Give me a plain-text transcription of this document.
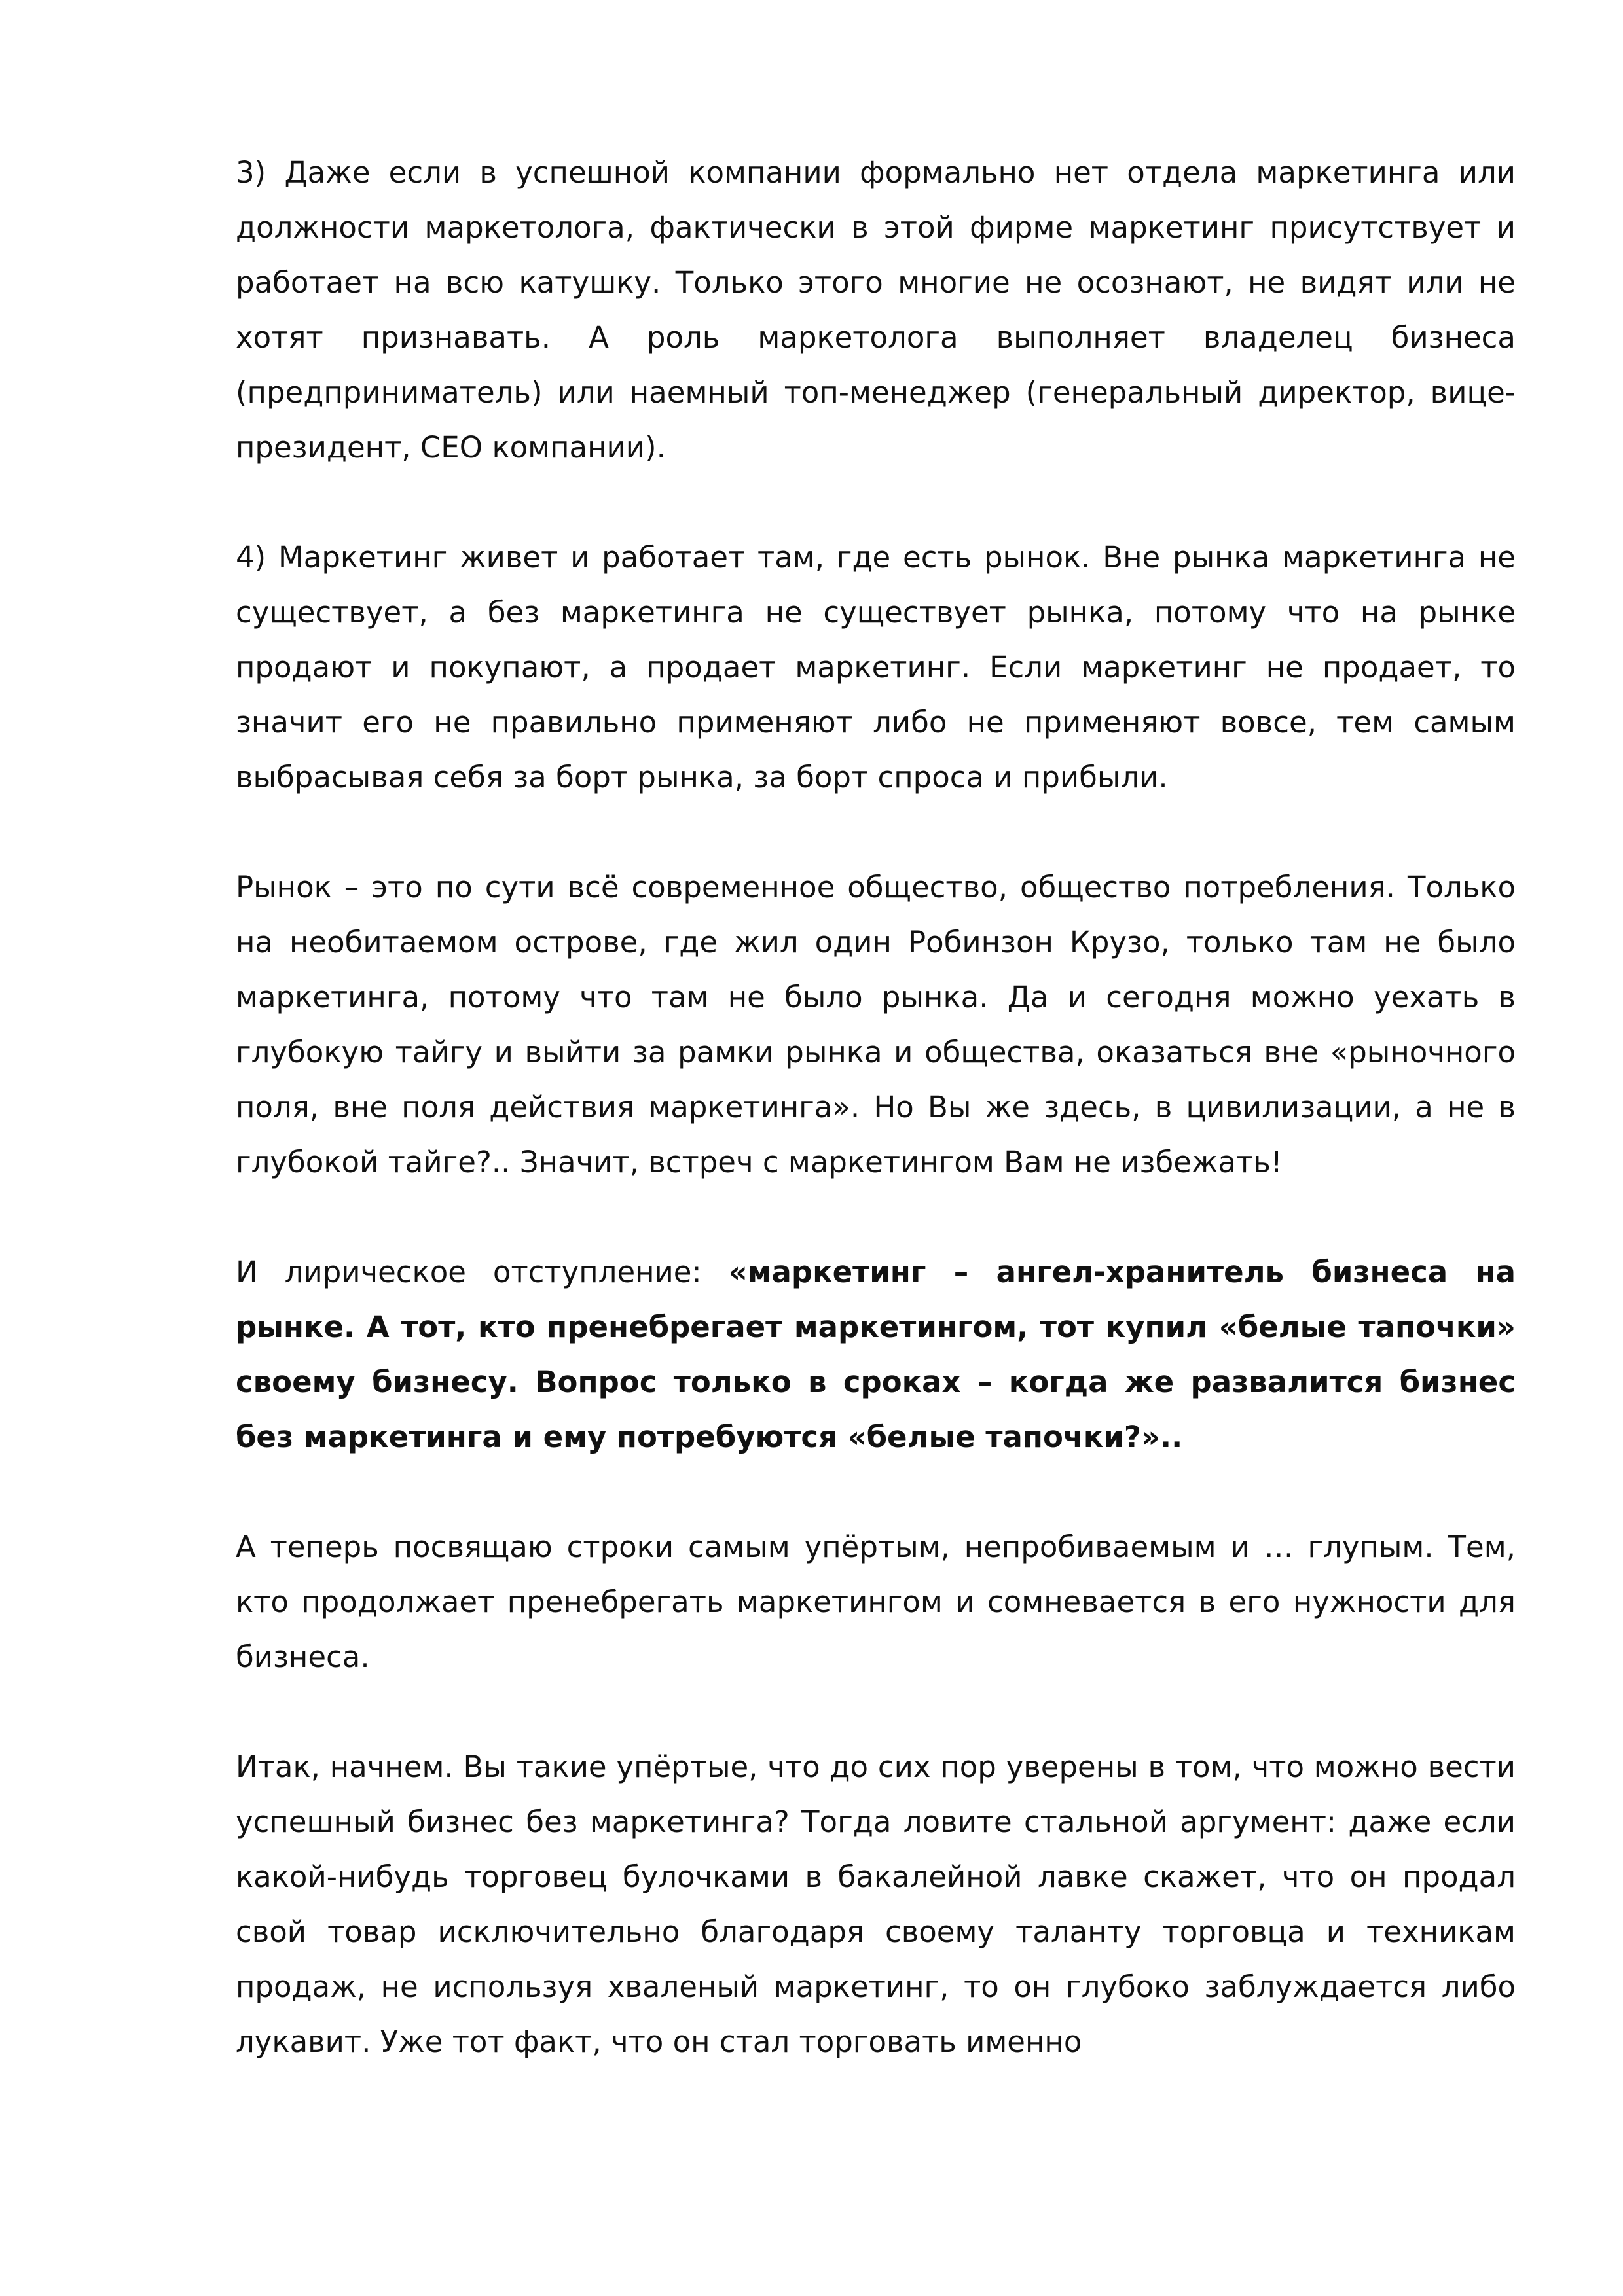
3) Даже если в успешной компании формально нет отдела маркетинга или должности маркетолога, фактически в этой фирме маркетинг присутствует и работает на всю катушку. Только этого многие не осознают, не видят или не хотят признавать. А роль маркетолога выполняет владелец бизнеса (предприниматель) или наемный топ-менеджер (генеральный директор, вице-президент, CEO компании).

4) Маркетинг живет и работает там, где есть рынок. Вне рынка маркетинга не существует, а без маркетинга не существует рынка, потому что на рынке продают и покупают, а продает маркетинг. Если маркетинг не продает, то значит его не правильно применяют либо не применяют вовсе, тем самым выбрасывая себя за борт рынка, за борт спроса и прибыли.

Рынок – это по сути всё современное общество, общество потребления. Только на необитаемом острове, где жил один Робинзон Крузо, только там не было маркетинга, потому что там не было рынка. Да и сегодня можно уехать в глубокую тайгу и выйти за рамки рынка и общества, оказаться вне «рыночного поля, вне поля действия маркетинга». Но Вы же здесь, в цивилизации, а не в глубокой тайге?.. Значит, встреч с маркетингом Вам не избежать!

И лирическое отступление: «маркетинг – ангел-хранитель бизнеса на рынке. А тот, кто пренебрегает маркетингом, тот купил «белые тапочки» своему бизнесу. Вопрос только в сроках – когда же развалится бизнес без маркетинга и ему потребуются «белые тапочки?»..

А теперь посвящаю строки самым упёртым, непробиваемым и … глупым. Тем, кто продолжает пренебрегать маркетингом и сомневается в его нужности для бизнеса.

Итак, начнем. Вы такие упёртые, что до сих пор уверены в том, что можно вести успешный бизнес без маркетинга? Тогда ловите стальной аргумент: даже если какой-нибудь торговец булочками в бакалейной лавке скажет, что он продал свой товар исключительно благодаря своему таланту торговца и техникам продаж, не используя хваленый маркетинг, то он глубоко заблуждается либо лукавит. Уже тот факт, что он стал торговать именно
